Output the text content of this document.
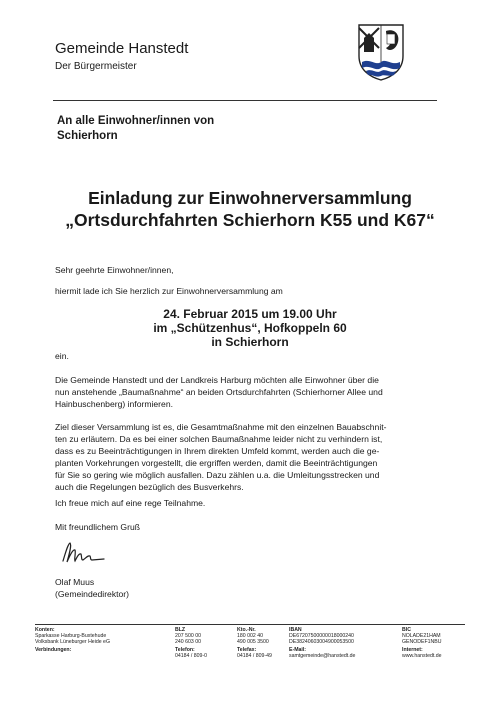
Gemeinde Hanstedt
Der Bürgermeister
An alle Einwohner/innen von
Schierhorn
Einladung zur Einwohnerversammlung
„Ortsdurchfahrten Schierhorn K55 und K67“
Sehr geehrte Einwohner/innen,
hiermit lade ich Sie herzlich zur Einwohnerversammlung am
24. Februar 2015 um 19.00 Uhr
im „Schützenhus“, Hofkoppeln 60
in Schierhorn
ein.
Die Gemeinde Hanstedt und der Landkreis Harburg möchten alle Einwohner über die
nun anstehende „Baumaßnahme“ an beiden Ortsdurchfahrten (Schierhorner Allee und
Hainbuschenberg) informieren.
Ziel dieser Versammlung ist es, die Gesamtmaßnahme mit den einzelnen Bauabschnit-
ten zu erläutern. Da es bei einer solchen Baumaßnahme leider nicht zu verhindern ist,
dass es zu Beeinträchtigungen in Ihrem direkten Umfeld kommt, werden auch die ge-
planten Vorkehrungen vorgestellt, die ergriffen werden, damit die Beeinträchtigungen
für Sie so gering wie möglich ausfallen. Dazu zählen u.a. die Umleitungsstrecken und
auch die Regelungen bezüglich des Busverkehrs.
Ich freue mich auf eine rege Teilnahme.
Mit freundlichem Gruß
Olaf Muus
(Gemeindedirektor)
Konten:
Sparkasse Harburg-Buxtehude
Volksbank Lüneburger Heide eG
Verbindungen:
BLZ
207 500 00
240 603 00
Telefon:
04184 / 809-0
Kto.-Nr.
180 002 40
490 005 3500
Telefax:
04184 / 809-49
IBAN
DE67207500000018000240
DE38240603004900053500
E-Mail:
samtgemeinde@hanstedt.de
BIC
NOLADE21HAM
GENODEF1NBU
Internet:
www.hanstedt.de
